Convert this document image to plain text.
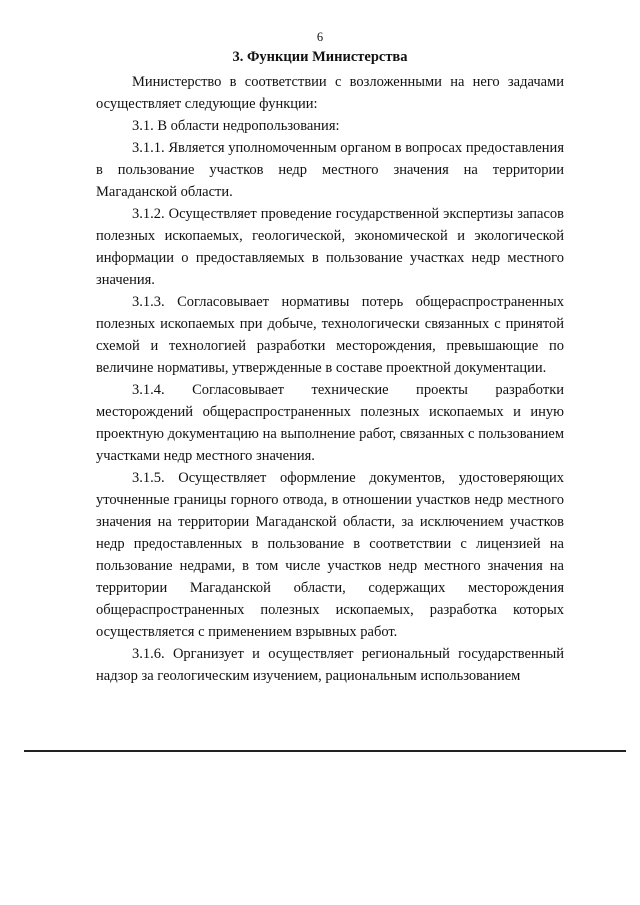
6
3. Функции Министерства

Министерство в соответствии с возложенными на него задачами осуществляет следующие функции:

3.1. В области недропользования:

3.1.1. Является уполномоченным органом в вопросах предоставления в пользование участков недр местного значения на территории Магаданской области.

3.1.2. Осуществляет проведение государственной экспертизы запасов полезных ископаемых, геологической, экономической и экологической информации о предоставляемых в пользование участках недр местного значения.

3.1.3. Согласовывает нормативы потерь общераспространенных полезных ископаемых при добыче, технологически связанных с принятой схемой и технологией разработки месторождения, превышающие по величине нормативы, утвержденные в составе проектной документации.

3.1.4. Согласовывает технические проекты разработки месторождений общераспространенных полезных ископаемых и иную проектную документацию на выполнение работ, связанных с пользованием участками недр местного значения.

3.1.5. Осуществляет оформление документов, удостоверяющих уточненные границы горного отвода, в отношении участков недр местного значения на территории Магаданской области, за исключением участков недр предоставленных в пользование в соответствии с лицензией на пользование недрами, в том числе участков недр местного значения на территории Магаданской области, содержащих месторождения общераспространенных полезных ископаемых, разработка которых осуществляется с применением взрывных работ.

3.1.6. Организует и осуществляет региональный государственный надзор за геологическим изучением, рациональным использованием
